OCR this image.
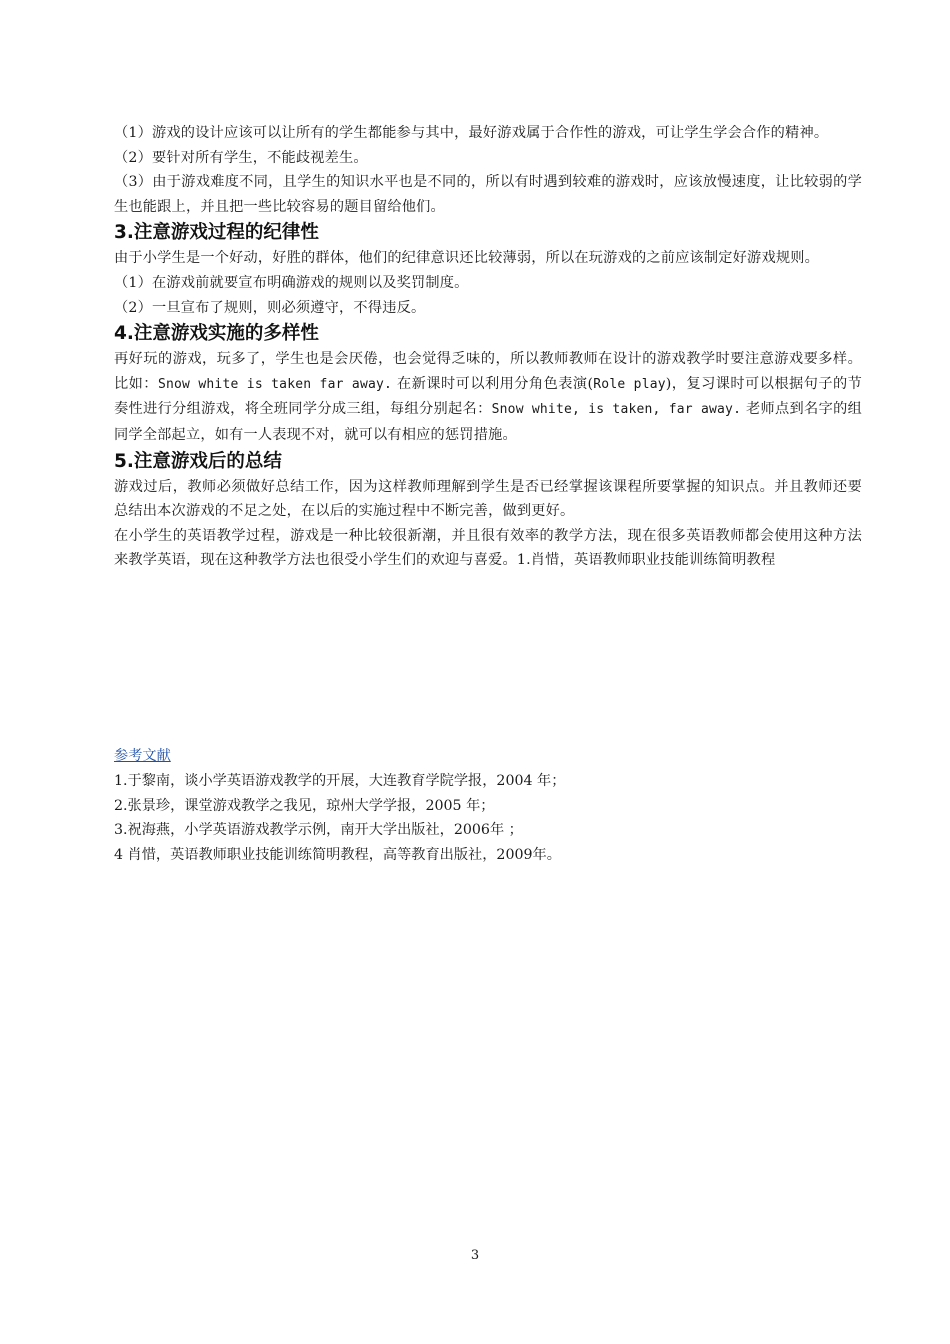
（1）游戏的设计应该可以让所有的学生都能参与其中，最好游戏属于合作性的游戏，可让学生学会合作的精神。

（2）要针对所有学生，不能歧视差生。

（3）由于游戏难度不同，且学生的知识水平也是不同的，所以有时遇到较难的游戏时，应该放慢速度，让比较弱的学生也能跟上，并且把一些比较容易的题目留给他们。

3.注意游戏过程的纪律性

由于小学生是一个好动，好胜的群体，他们的纪律意识还比较薄弱，所以在玩游戏的之前应该制定好游戏规则。

（1）在游戏前就要宣布明确游戏的规则以及奖罚制度。

（2）一旦宣布了规则，则必须遵守，不得违反。

4.注意游戏实施的多样性

再好玩的游戏，玩多了，学生也是会厌倦，也会觉得乏味的，所以教师教师在设计的游戏教学时要注意游戏要多样。比如：Snow white is taken far away. 在新课时可以利用分角色表演(Role play)，复习课时可以根据句子的节奏性进行分组游戏，将全班同学分成三组，每组分别起名：Snow white, is taken, far away. 老师点到名字的组同学全部起立，如有一人表现不对，就可以有相应的惩罚措施。

5.注意游戏后的总结

游戏过后，教师必须做好总结工作，因为这样教师理解到学生是否已经掌握该课程所要掌握的知识点。并且教师还要总结出本次游戏的不足之处，在以后的实施过程中不断完善，做到更好。

在小学生的英语教学过程，游戏是一种比较很新潮，并且很有效率的教学方法，现在很多英语教师都会使用这种方法来教学英语，现在这种教学方法也很受小学生们的欢迎与喜爱。1.肖惜，英语教师职业技能训练简明教程

参考文献

1.于黎南，谈小学英语游戏教学的开展，大连教育学院学报，2004 年；

2.张景珍，课堂游戏教学之我见，琼州大学学报，2005 年；

3.祝海燕，小学英语游戏教学示例，南开大学出版社，2006年 ；

4 肖惜，英语教师职业技能训练简明教程，高等教育出版社，2009年。

3
